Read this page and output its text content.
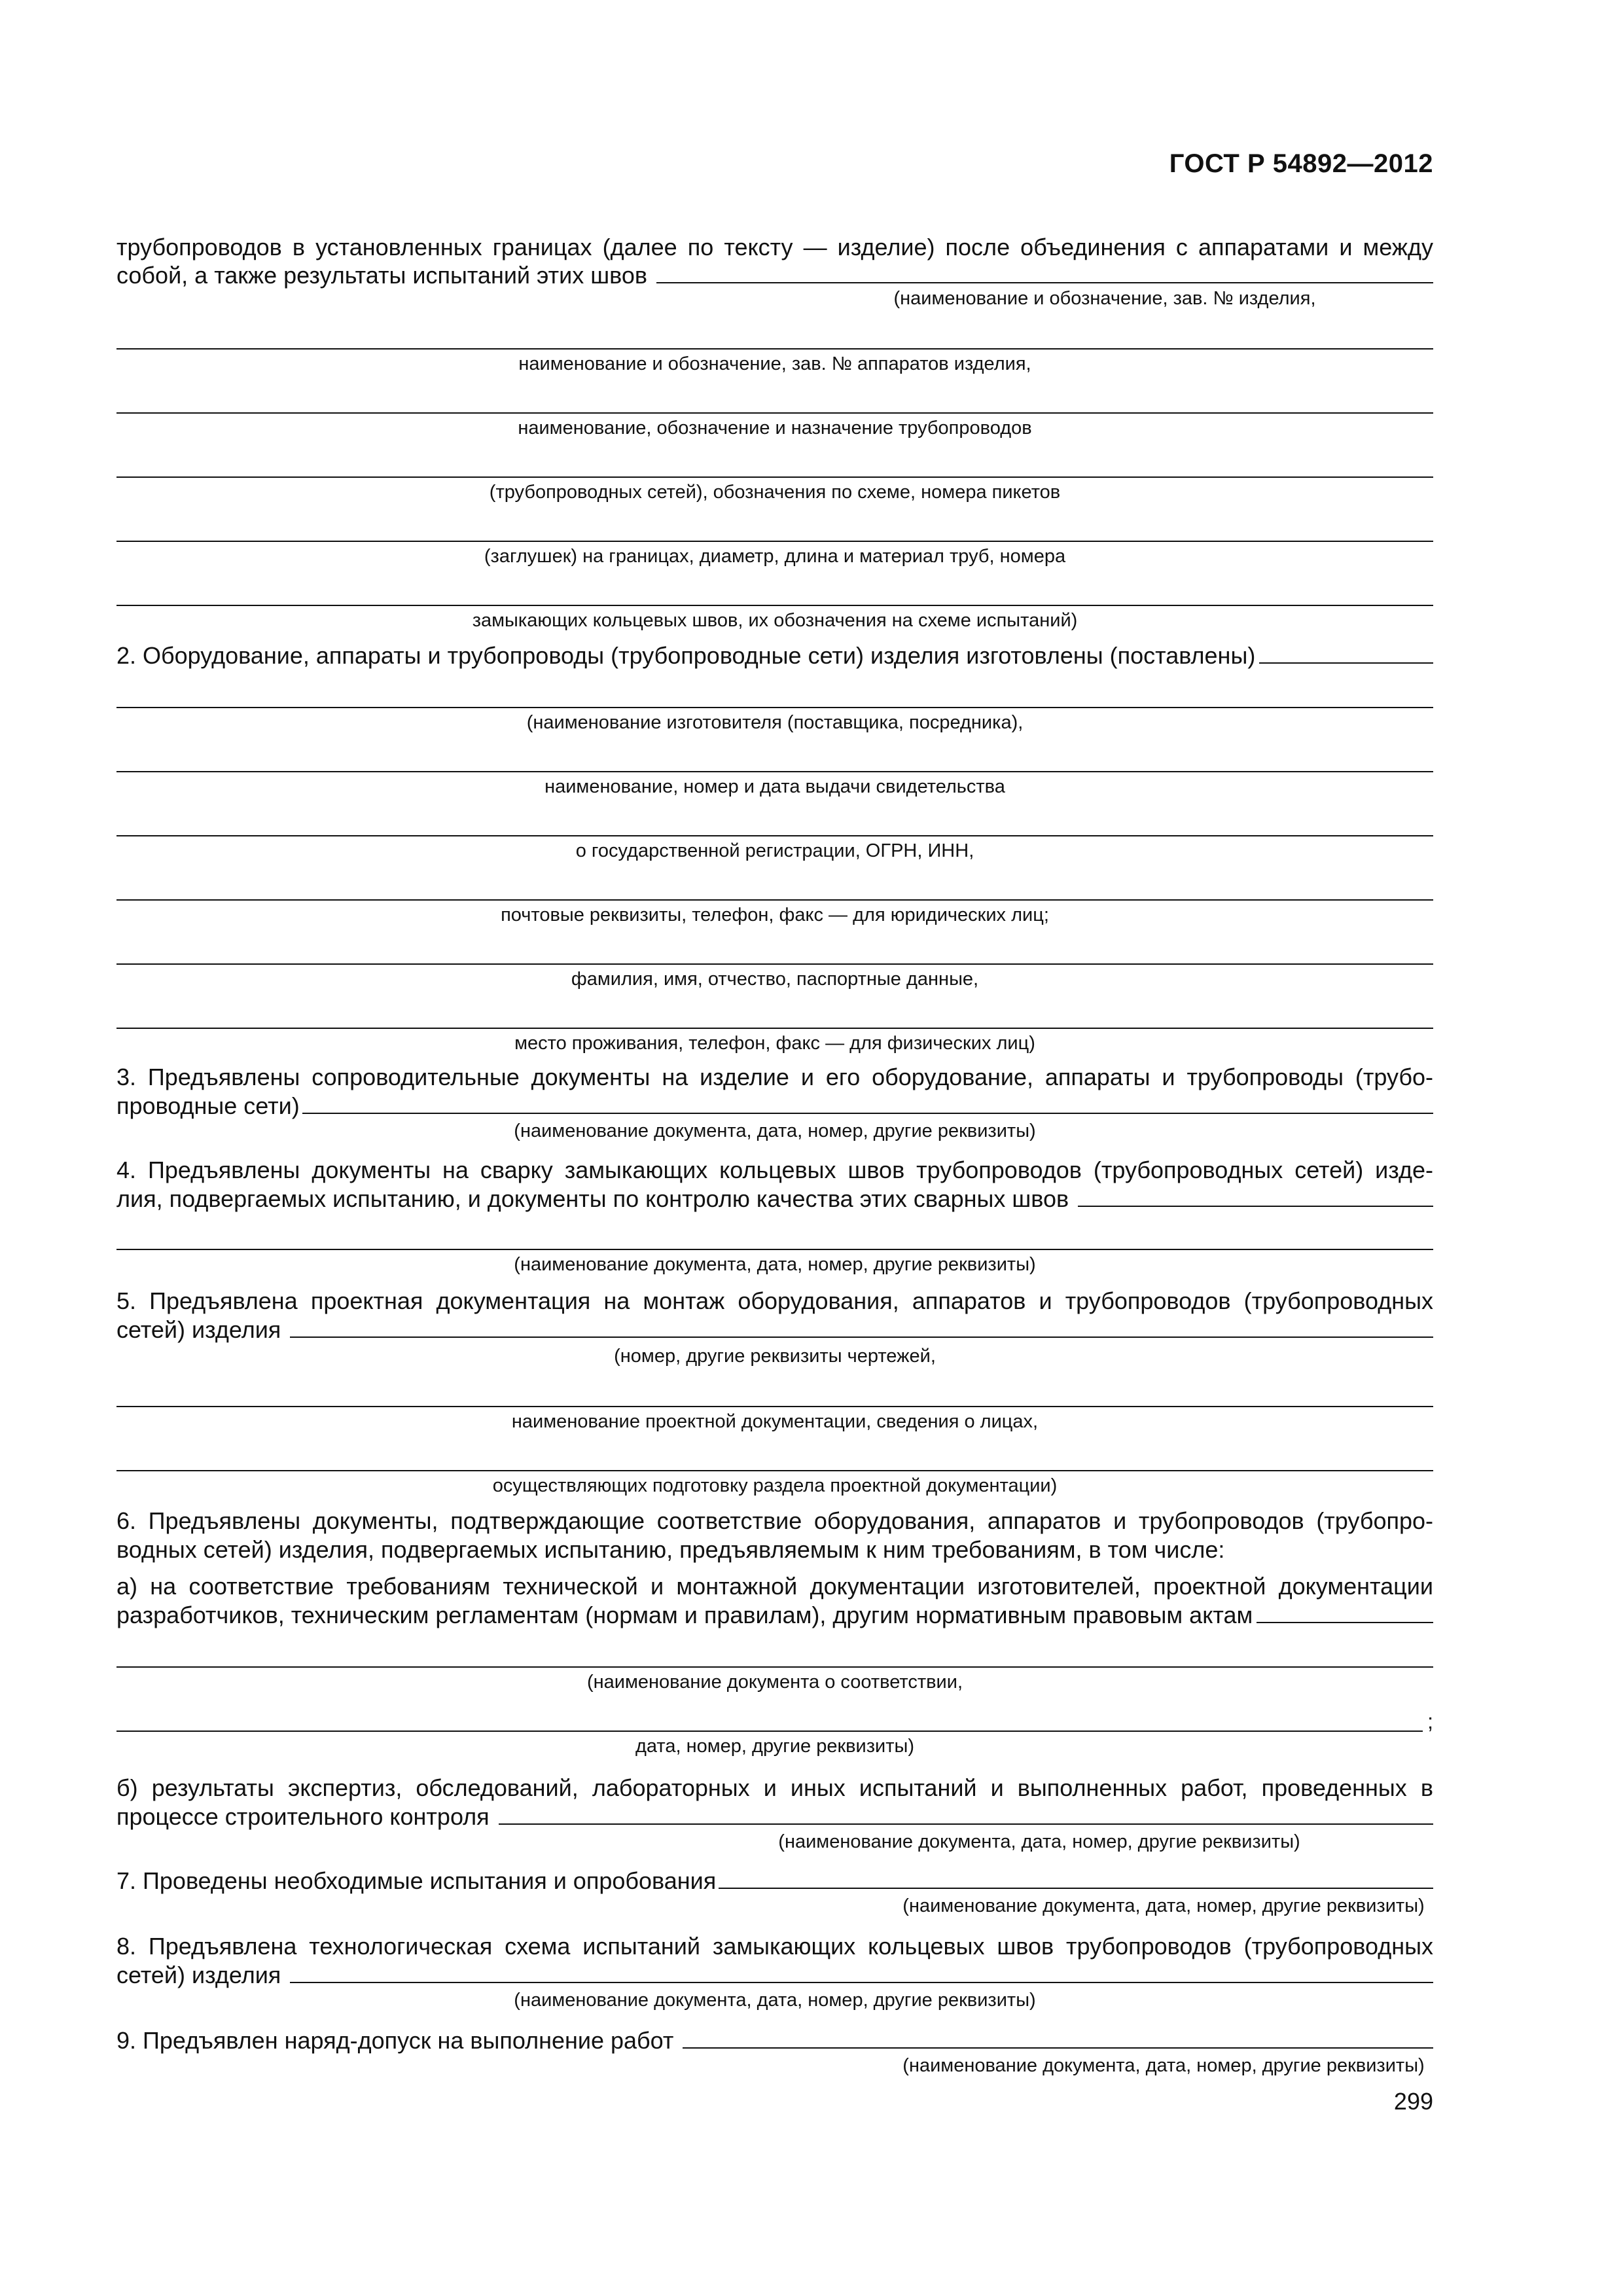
ГОСТ Р 54892—2012
трубопроводов в установленных границах (далее по тексту — изделие) после объединения с аппаратами и между
собой, а также результаты испытаний этих швов
(наименование и обозначение, зав. № изделия,
наименование и обозначение, зав. № аппаратов изделия,
наименование, обозначение и назначение трубопроводов
(трубопроводных сетей), обозначения по схеме, номера пикетов
(заглушек) на границах, диаметр, длина и материал труб, номера
замыкающих кольцевых швов, их обозначения на схеме испытаний)
2. Оборудование, аппараты и трубопроводы (трубопроводные сети) изделия изготовлены (поставлены)
(наименование изготовителя (поставщика, посредника),
наименование, номер и дата выдачи свидетельства
о государственной регистрации, ОГРН, ИНН,
почтовые реквизиты, телефон, факс — для юридических лиц;
фамилия, имя, отчество, паспортные данные,
место проживания, телефон, факс — для физических лиц)
3. Предъявлены сопроводительные документы на изделие и его оборудование, аппараты и трубопроводы (трубо-
проводные сети)
(наименование документа, дата, номер, другие реквизиты)
4. Предъявлены документы на сварку замыкающих кольцевых швов трубопроводов (трубопроводных сетей) изде-
лия, подвергаемых испытанию, и документы по контролю качества этих сварных швов
(наименование документа, дата, номер, другие реквизиты)
5. Предъявлена проектная документация на монтаж оборудования, аппаратов и трубопроводов (трубопроводных
сетей) изделия
(номер, другие реквизиты чертежей,
наименование проектной документации, сведения о лицах,
осуществляющих подготовку раздела проектной документации)
6. Предъявлены документы, подтверждающие соответствие оборудования, аппаратов и трубопроводов (трубопро-
водных сетей) изделия, подвергаемых испытанию, предъявляемым к ним требованиям, в том числе:
а) на соответствие требованиям технической и монтажной документации изготовителей, проектной документации
разработчиков, техническим регламентам (нормам и правилам), другим нормативным правовым актам
(наименование документа о соответствии,
;
дата, номер, другие реквизиты)
б) результаты экспертиз, обследований, лабораторных и иных испытаний и выполненных работ, проведенных в
процессе строительного контроля
(наименование документа, дата, номер, другие реквизиты)
7. Проведены необходимые испытания и опробования
(наименование документа, дата, номер, другие реквизиты)
8. Предъявлена технологическая схема испытаний замыкающих кольцевых швов трубопроводов (трубопроводных
сетей) изделия
(наименование документа, дата, номер, другие реквизиты)
9. Предъявлен наряд-допуск на выполнение работ
(наименование документа, дата, номер, другие реквизиты)
299
